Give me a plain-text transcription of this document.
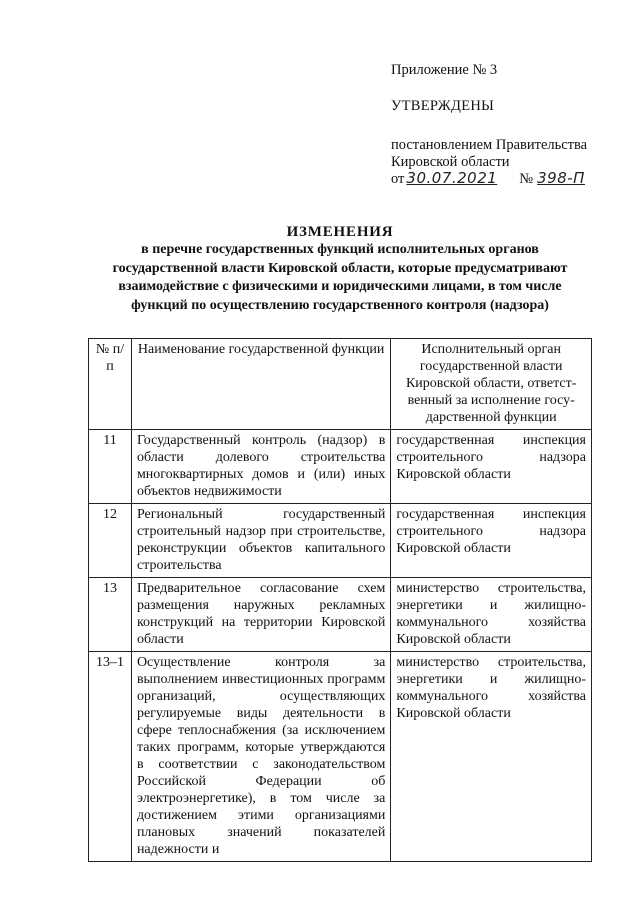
Приложение № 3
УТВЕРЖДЕНЫ
постановлением Правительства
Кировской области
от 30.07.2021 № 398-П
ИЗМЕНЕНИЯ
в перечне государственных функций исполнительных органов
государственной власти Кировской области, которые предусматривают
взаимодействие с физическими и юридическими лицами, в том числе
функций по осуществлению государственного контроля (надзора)
№ п/п	Наименование государственной функции	Исполнительный орган государственной власти Кировской области, ответст-венный за исполнение госу-дарственной функции
11	Государственный контроль (надзор) в области долевого строительства многоквартирных домов и (или) иных объектов недвижимости	государственная инспекция строительного надзора Кировской области
12	Региональный государственный строительный надзор при строительстве, реконструкции объектов капитального строительства	государственная инспекция строительного надзора Кировской области
13	Предварительное согласование схем размещения наружных рекламных конструкций на территории Кировской области	министерство строительства, энергетики и жилищно-коммунального хозяйства Кировской области
13–1	Осуществление контроля за выполнением инвестиционных программ организаций, осуществляющих регулируемые виды деятельности в сфере теплоснабжения (за исключением таких программ, которые утверждаются в соответствии с законодательством Российской Федерации об электроэнергетике), в том числе за достижением этими организациями плановых значений показателей надежности и	министерство строительства, энергетики и жилищно-коммунального хозяйства Кировской области
